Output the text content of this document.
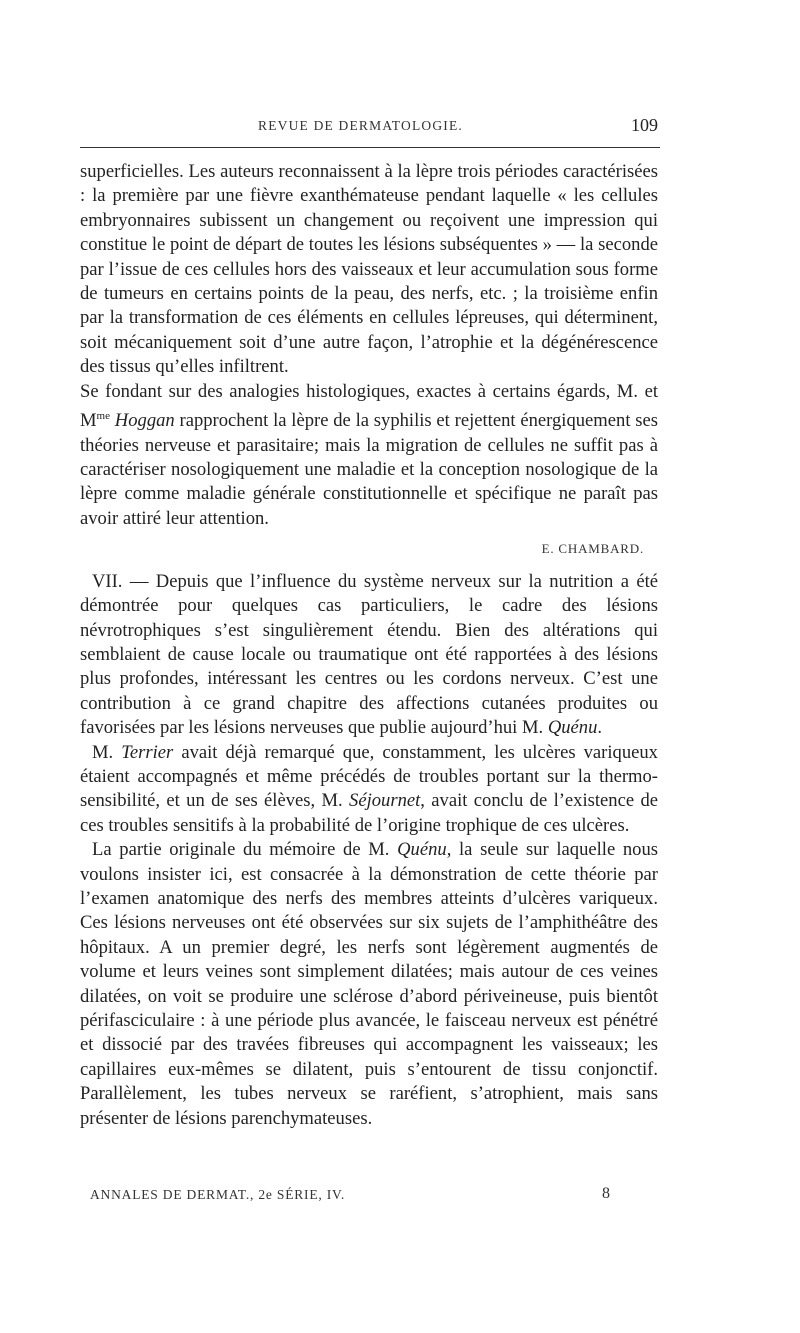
REVUE DE DERMATOLOGIE.	109

superficielles. Les auteurs reconnaissent à la lèpre trois périodes caractérisées : la première par une fièvre exanthémateuse pendant laquelle « les cellules embryonnaires subissent un changement ou reçoivent une impression qui constitue le point de départ de toutes les lésions subséquentes » — la seconde par l’issue de ces cellules hors des vaisseaux et leur accumulation sous forme de tumeurs en certains points de la peau, des nerfs, etc. ; la troisième enfin par la transformation de ces éléments en cellules lépreuses, qui déterminent, soit mécaniquement soit d’une autre façon, l’atrophie et la dégénérescence des tissus qu’elles infiltrent.

Se fondant sur des analogies histologiques, exactes à certains égards, M. et $M^{me}$ Hoggan rapprochent la lèpre de la syphilis et rejettent énergiquement ses théories nerveuse et parasitaire; mais la migration de cellules ne suffit pas à caractériser nosologiquement une maladie et la conception nosologique de la lèpre comme maladie générale constitutionnelle et spécifique ne paraît pas avoir attiré leur attention.

E. CHAMBARD.

VII. — Depuis que l’influence du système nerveux sur la nutrition a été démontrée pour quelques cas particuliers, le cadre des lésions névrotrophiques s’est singulièrement étendu. Bien des altérations qui semblaient de cause locale ou traumatique ont été rapportées à des lésions plus profondes, intéressant les centres ou les cordons nerveux. C’est une contribution à ce grand chapitre des affections cutanées produites ou favorisées par les lésions nerveuses que publie aujourd’hui M. Quénu.

M. Terrier avait déjà remarqué que, constamment, les ulcères variqueux étaient accompagnés et même précédés de troubles portant sur la thermo-sensibilité, et un de ses élèves, M. Séjournet, avait conclu de l’existence de ces troubles sensitifs à la probabilité de l’origine trophique de ces ulcères.

La partie originale du mémoire de M. Quénu, la seule sur laquelle nous voulons insister ici, est consacrée à la démonstration de cette théorie par l’examen anatomique des nerfs des membres atteints d’ulcères variqueux. Ces lésions nerveuses ont été observées sur six sujets de l’amphithéâtre des hôpitaux. A un premier degré, les nerfs sont légèrement augmentés de volume et leurs veines sont simplement dilatées; mais autour de ces veines dilatées, on voit se produire une sclérose d’abord périveineuse, puis bientôt périfasciculaire : à une période plus avancée, le faisceau nerveux est pénétré et dissocié par des travées fibreuses qui accompagnent les vaisseaux; les capillaires eux-mêmes se dilatent, puis s’entourent de tissu conjonctif. Parallèlement, les tubes nerveux se raréfient, s’atrophient, mais sans présenter de lésions parenchymateuses.

ANNALES DE DERMAT., 2e SÉRIE, IV.	8
